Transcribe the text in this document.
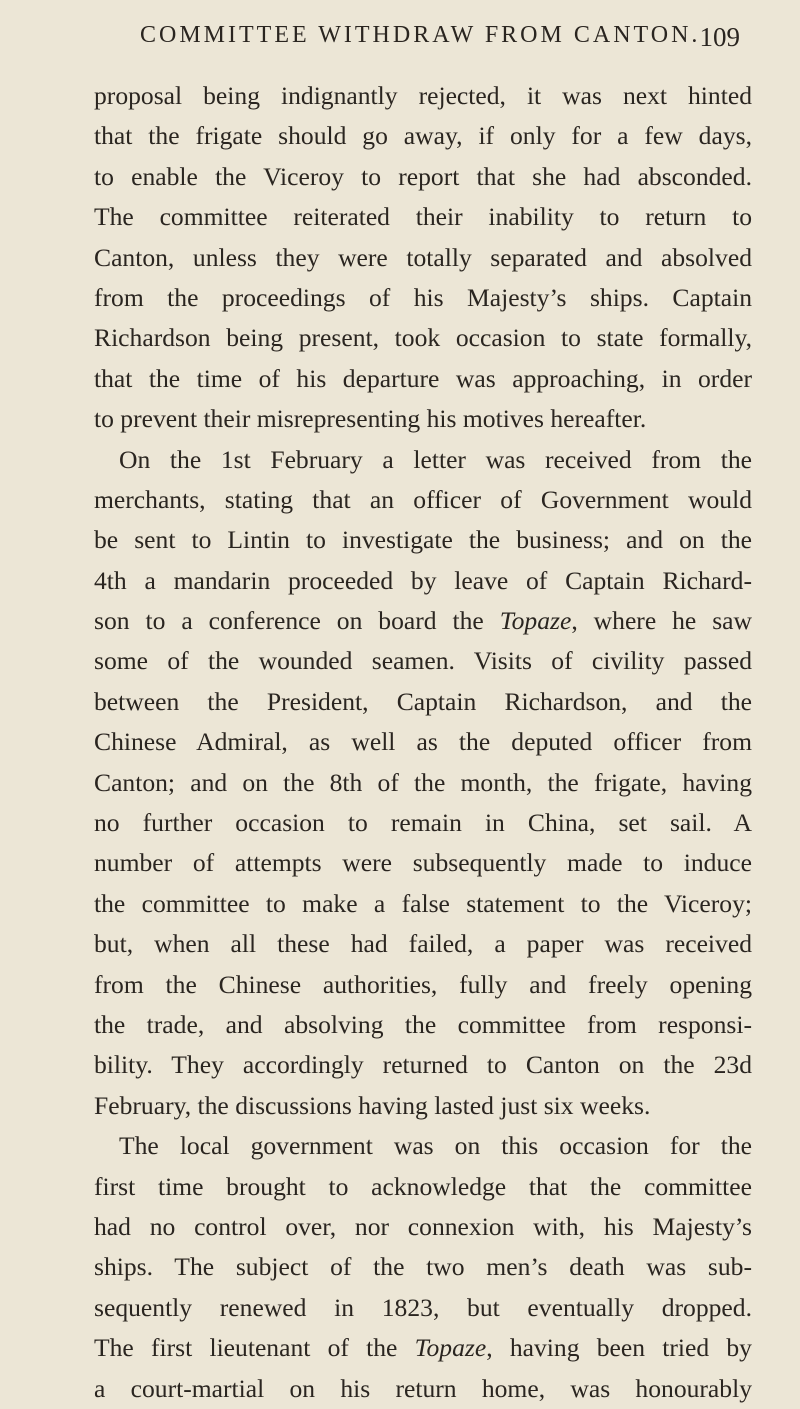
COMMITTEE WITHDRAW FROM CANTON. 109
proposal being indignantly rejected, it was next hinted
that the frigate should go away, if only for a few days,
to enable the Viceroy to report that she had absconded.
The committee reiterated their inability to return to
Canton, unless they were totally separated and absolved
from the proceedings of his Majesty’s ships. Captain
Richardson being present, took occasion to state formally,
that the time of his departure was approaching, in order
to prevent their misrepresenting his motives hereafter.
On the 1st February a letter was received from the
merchants, stating that an officer of Government would
be sent to Lintin to investigate the business; and on the
4th a mandarin proceeded by leave of Captain Richard-
son to a conference on board the Topaze, where he saw
some of the wounded seamen. Visits of civility passed
between the President, Captain Richardson, and the
Chinese Admiral, as well as the deputed officer from
Canton; and on the 8th of the month, the frigate, having
no further occasion to remain in China, set sail. A
number of attempts were subsequently made to induce
the committee to make a false statement to the Viceroy;
but, when all these had failed, a paper was received
from the Chinese authorities, fully and freely opening
the trade, and absolving the committee from responsi-
bility. They accordingly returned to Canton on the 23d
February, the discussions having lasted just six weeks.
The local government was on this occasion for the
first time brought to acknowledge that the committee
had no control over, nor connexion with, his Majesty’s
ships. The subject of the two men’s death was sub-
sequently renewed in 1823, but eventually dropped.
The first lieutenant of the Topaze, having been tried by
a court-martial on his return home, was honourably
